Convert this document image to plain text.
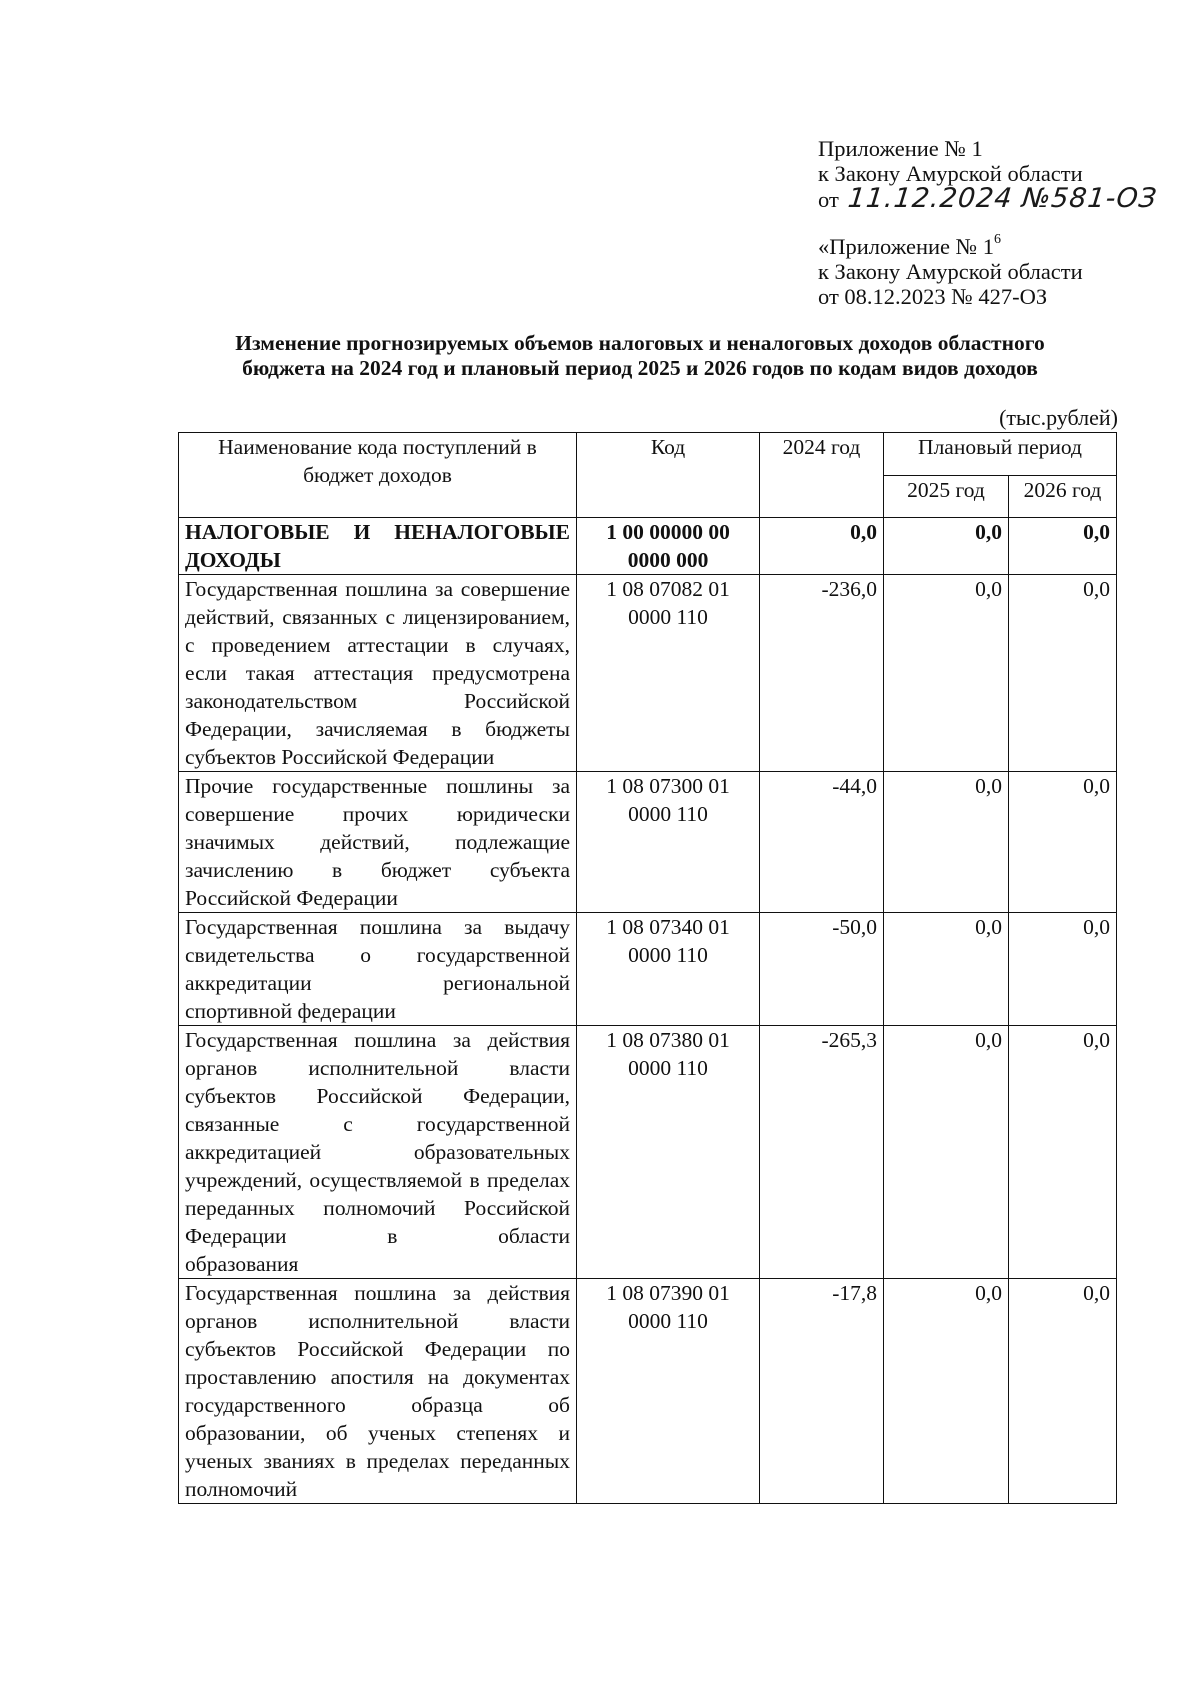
Приложение № 1
к Закону Амурской области
от 11.12.2024 №581-ОЗ
«Приложение № $1^6$
к Закону Амурской области
от 08.12.2023 № 427-ОЗ
Изменение прогнозируемых объемов налоговых и неналоговых доходов областного
бюджета на 2024 год и плановый период 2025 и 2026 годов по кодам видов доходов
(тыс.рублей)
Наименование кода поступлений в бюджет доходов	Код	2024 год	Плановый период	
			2025 год	2026 год
НАЛОГОВЫЕ И НЕНАЛОГОВЫЕ ДОХОДЫ	1 00 00000 00 0000 000	0,0	0,0	0,0
Государственная пошлина за совершение действий, связанных с лицензированием, с проведением аттестации в случаях, если такая аттестация предусмотрена законодательством Российской Федерации, зачисляемая в бюджеты
субъектов Российской Федерации	1 08 07082 01 0000 110	-236,0	0,0	0,0
Прочие государственные пошлины за совершение прочих юридически значимых действий, подлежащие зачислению в бюджет субъекта
Российской Федерации	1 08 07300 01 0000 110	-44,0	0,0	0,0
Государственная пошлина за выдачу свидетельства о государственной аккредитации региональной
спортивной федерации	1 08 07340 01 0000 110	-50,0	0,0	0,0
Государственная пошлина за действия органов исполнительной власти субъектов Российской Федерации, связанные с государственной аккредитацией образовательных учреждений, осуществляемой в пределах переданных полномочий Российской Федерации в области
образования	1 08 07380 01 0000 110	-265,3	0,0	0,0
Государственная пошлина за действия органов исполнительной власти субъектов Российской Федерации по проставлению апостиля на документах государственного образца об образовании, об ученых степенях и ученых званиях в пределах переданных полномочий	1 08 07390 01 0000 110	-17,8	0,0	0,0
